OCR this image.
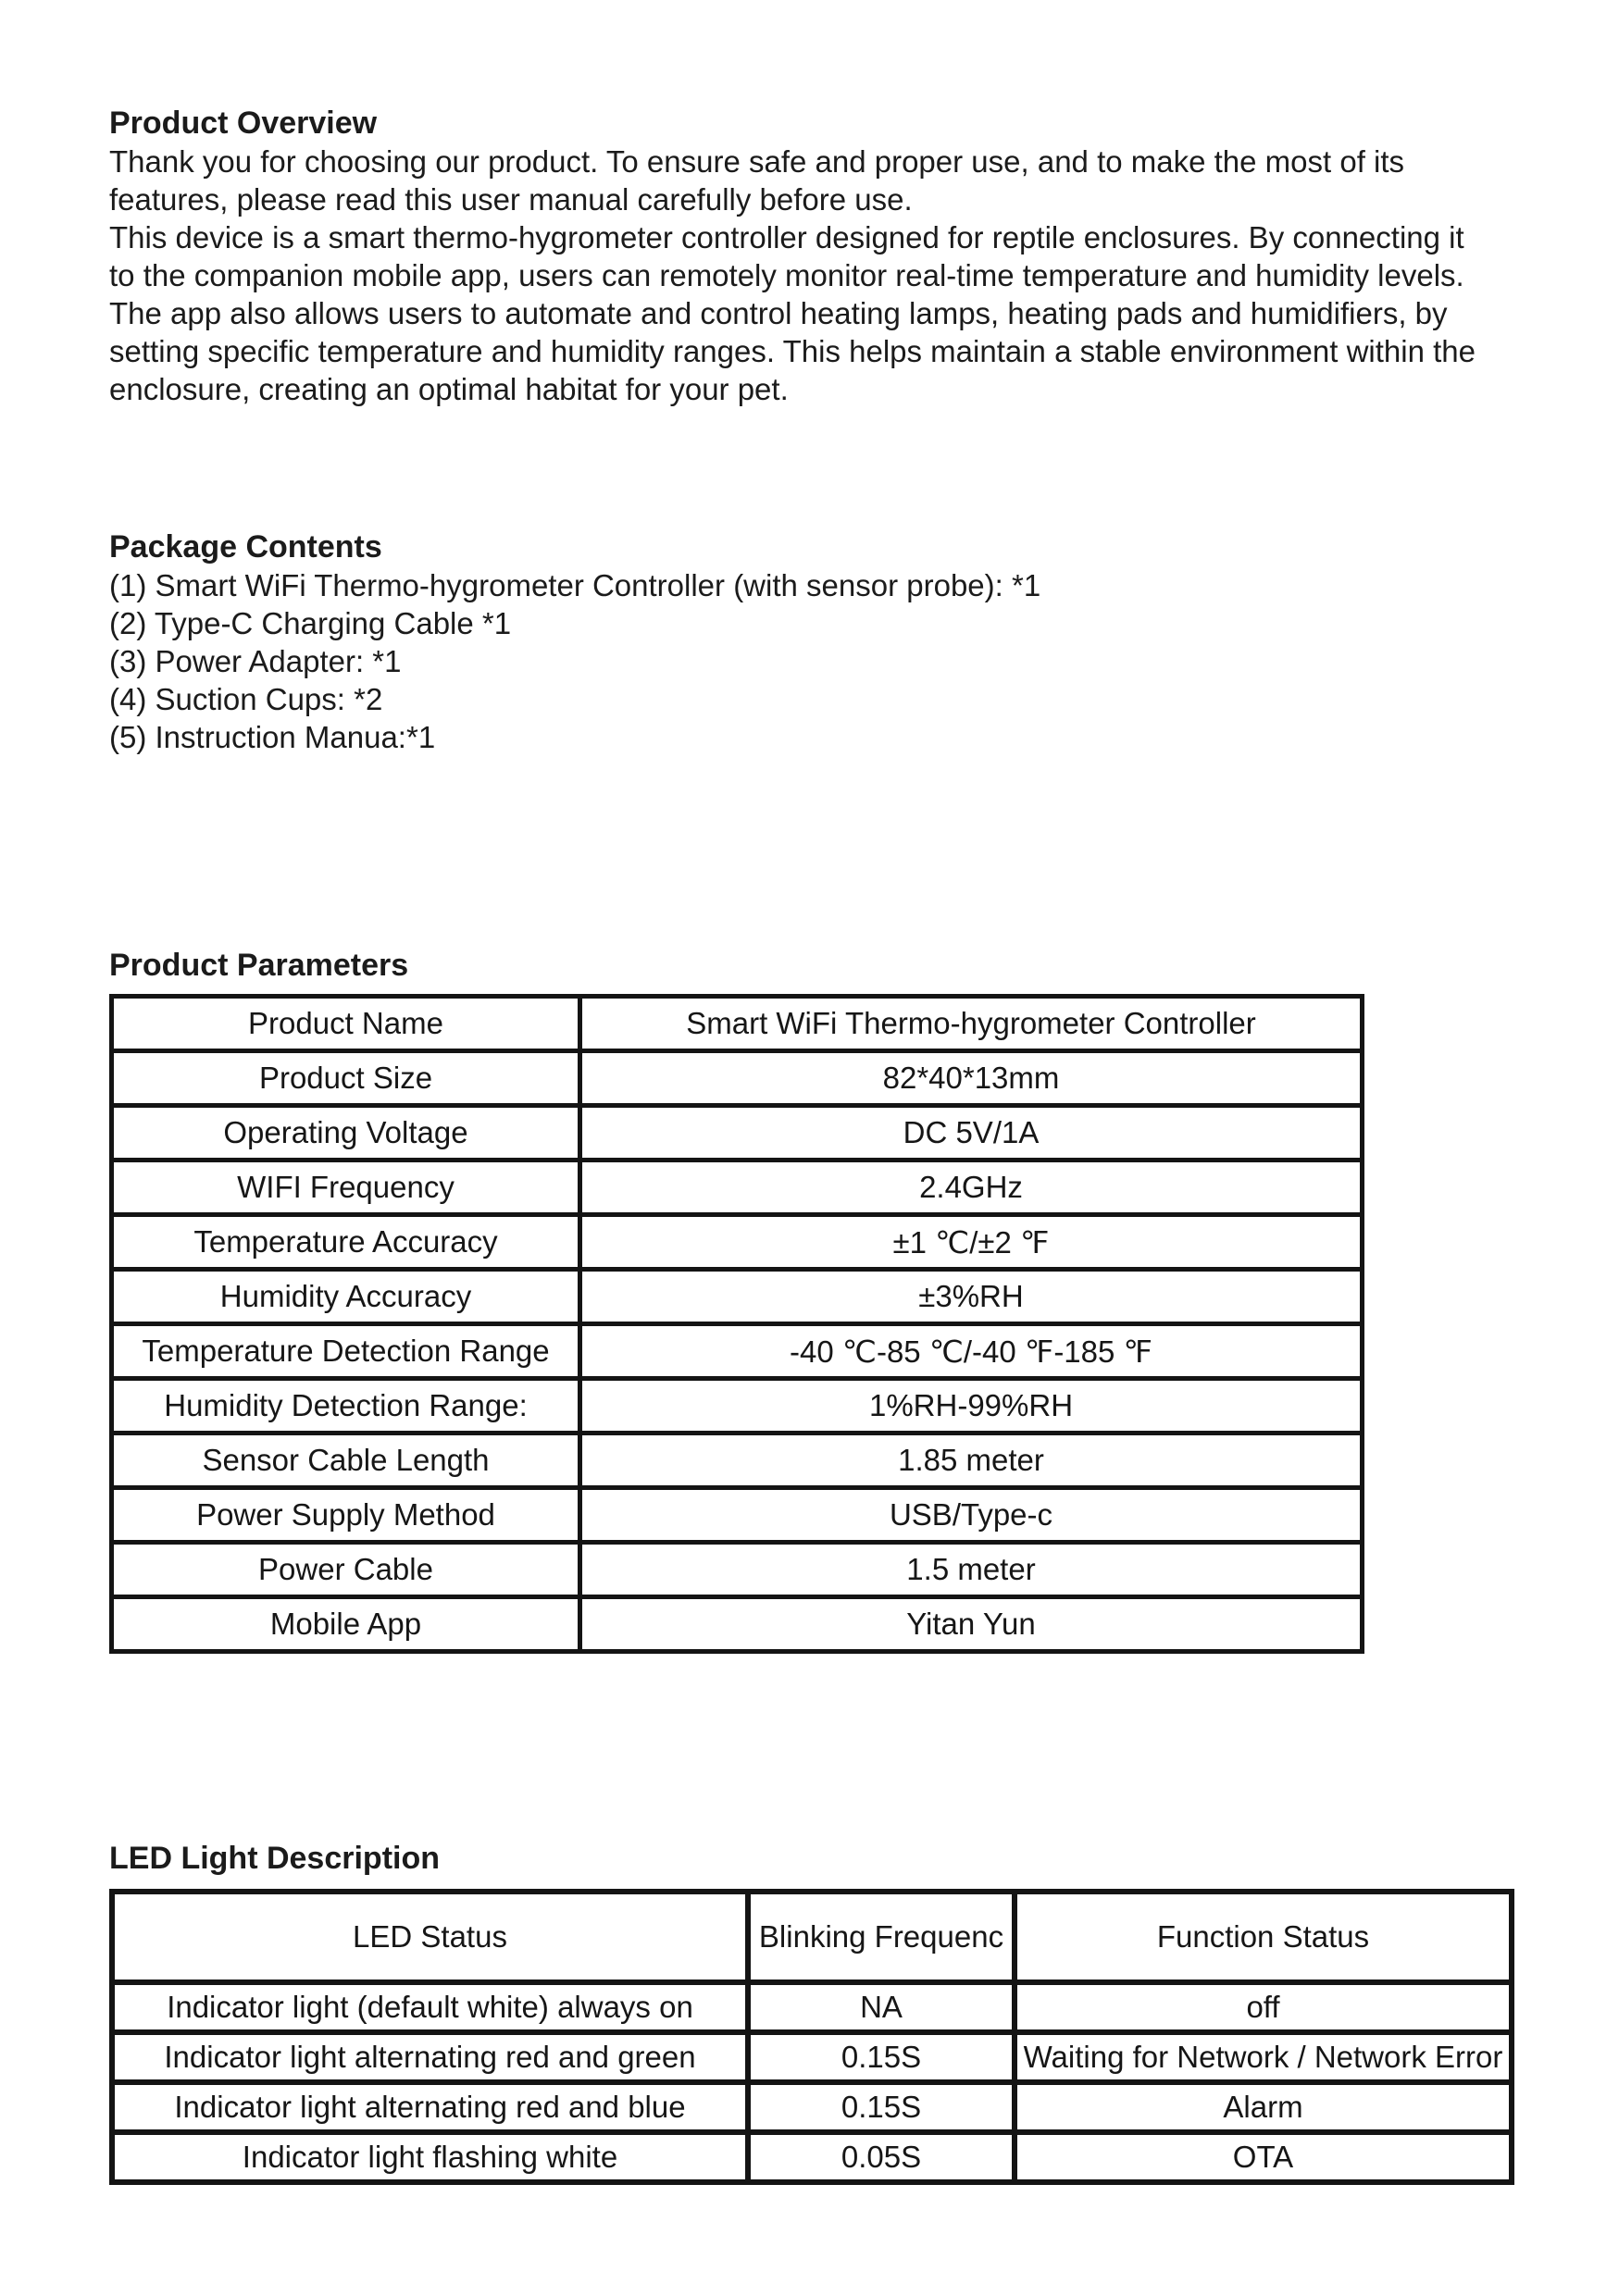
Product Overview
Thank you for choosing our product. To ensure safe and proper use, and to make the most of its
features, please read this user manual carefully before use.
This device is a smart thermo-hygrometer controller designed for reptile enclosures. By connecting it
to the companion mobile app, users can remotely monitor real-time temperature and humidity levels.
The app also allows users to automate and control heating lamps, heating pads and humidifiers, by
setting specific temperature and humidity ranges. This helps maintain a stable environment within the
enclosure, creating an optimal habitat for your pet.
Package Contents
(1) Smart WiFi Thermo-hygrometer Controller (with sensor probe): *1
(2) Type-C Charging Cable *1
(3) Power Adapter: *1
(4) Suction Cups: *2
(5) Instruction Manua:*1
Product Parameters
Product Name	Smart WiFi Thermo-hygrometer Controller
Product Size	82*40*13mm
Operating Voltage	DC 5V/1A
WIFI Frequency	2.4GHz
Temperature Accuracy	±1 ℃/±2 ℉
Humidity Accuracy	±3%RH
Temperature Detection Range	-40 ℃-85 ℃/-40 ℉-185 ℉
Humidity Detection Range:	1%RH-99%RH
Sensor Cable Length	1.85 meter
Power Supply Method	USB/Type-c
Power Cable	1.5 meter
Mobile App	Yitan Yun
LED Light Description
LED Status	Blinking Frequenc	Function Status
Indicator light (default white) always on	NA	off
Indicator light alternating red and green	0.15S	Waiting for Network / Network Error
Indicator light alternating red and blue	0.15S	Alarm
Indicator light flashing white	0.05S	OTA
